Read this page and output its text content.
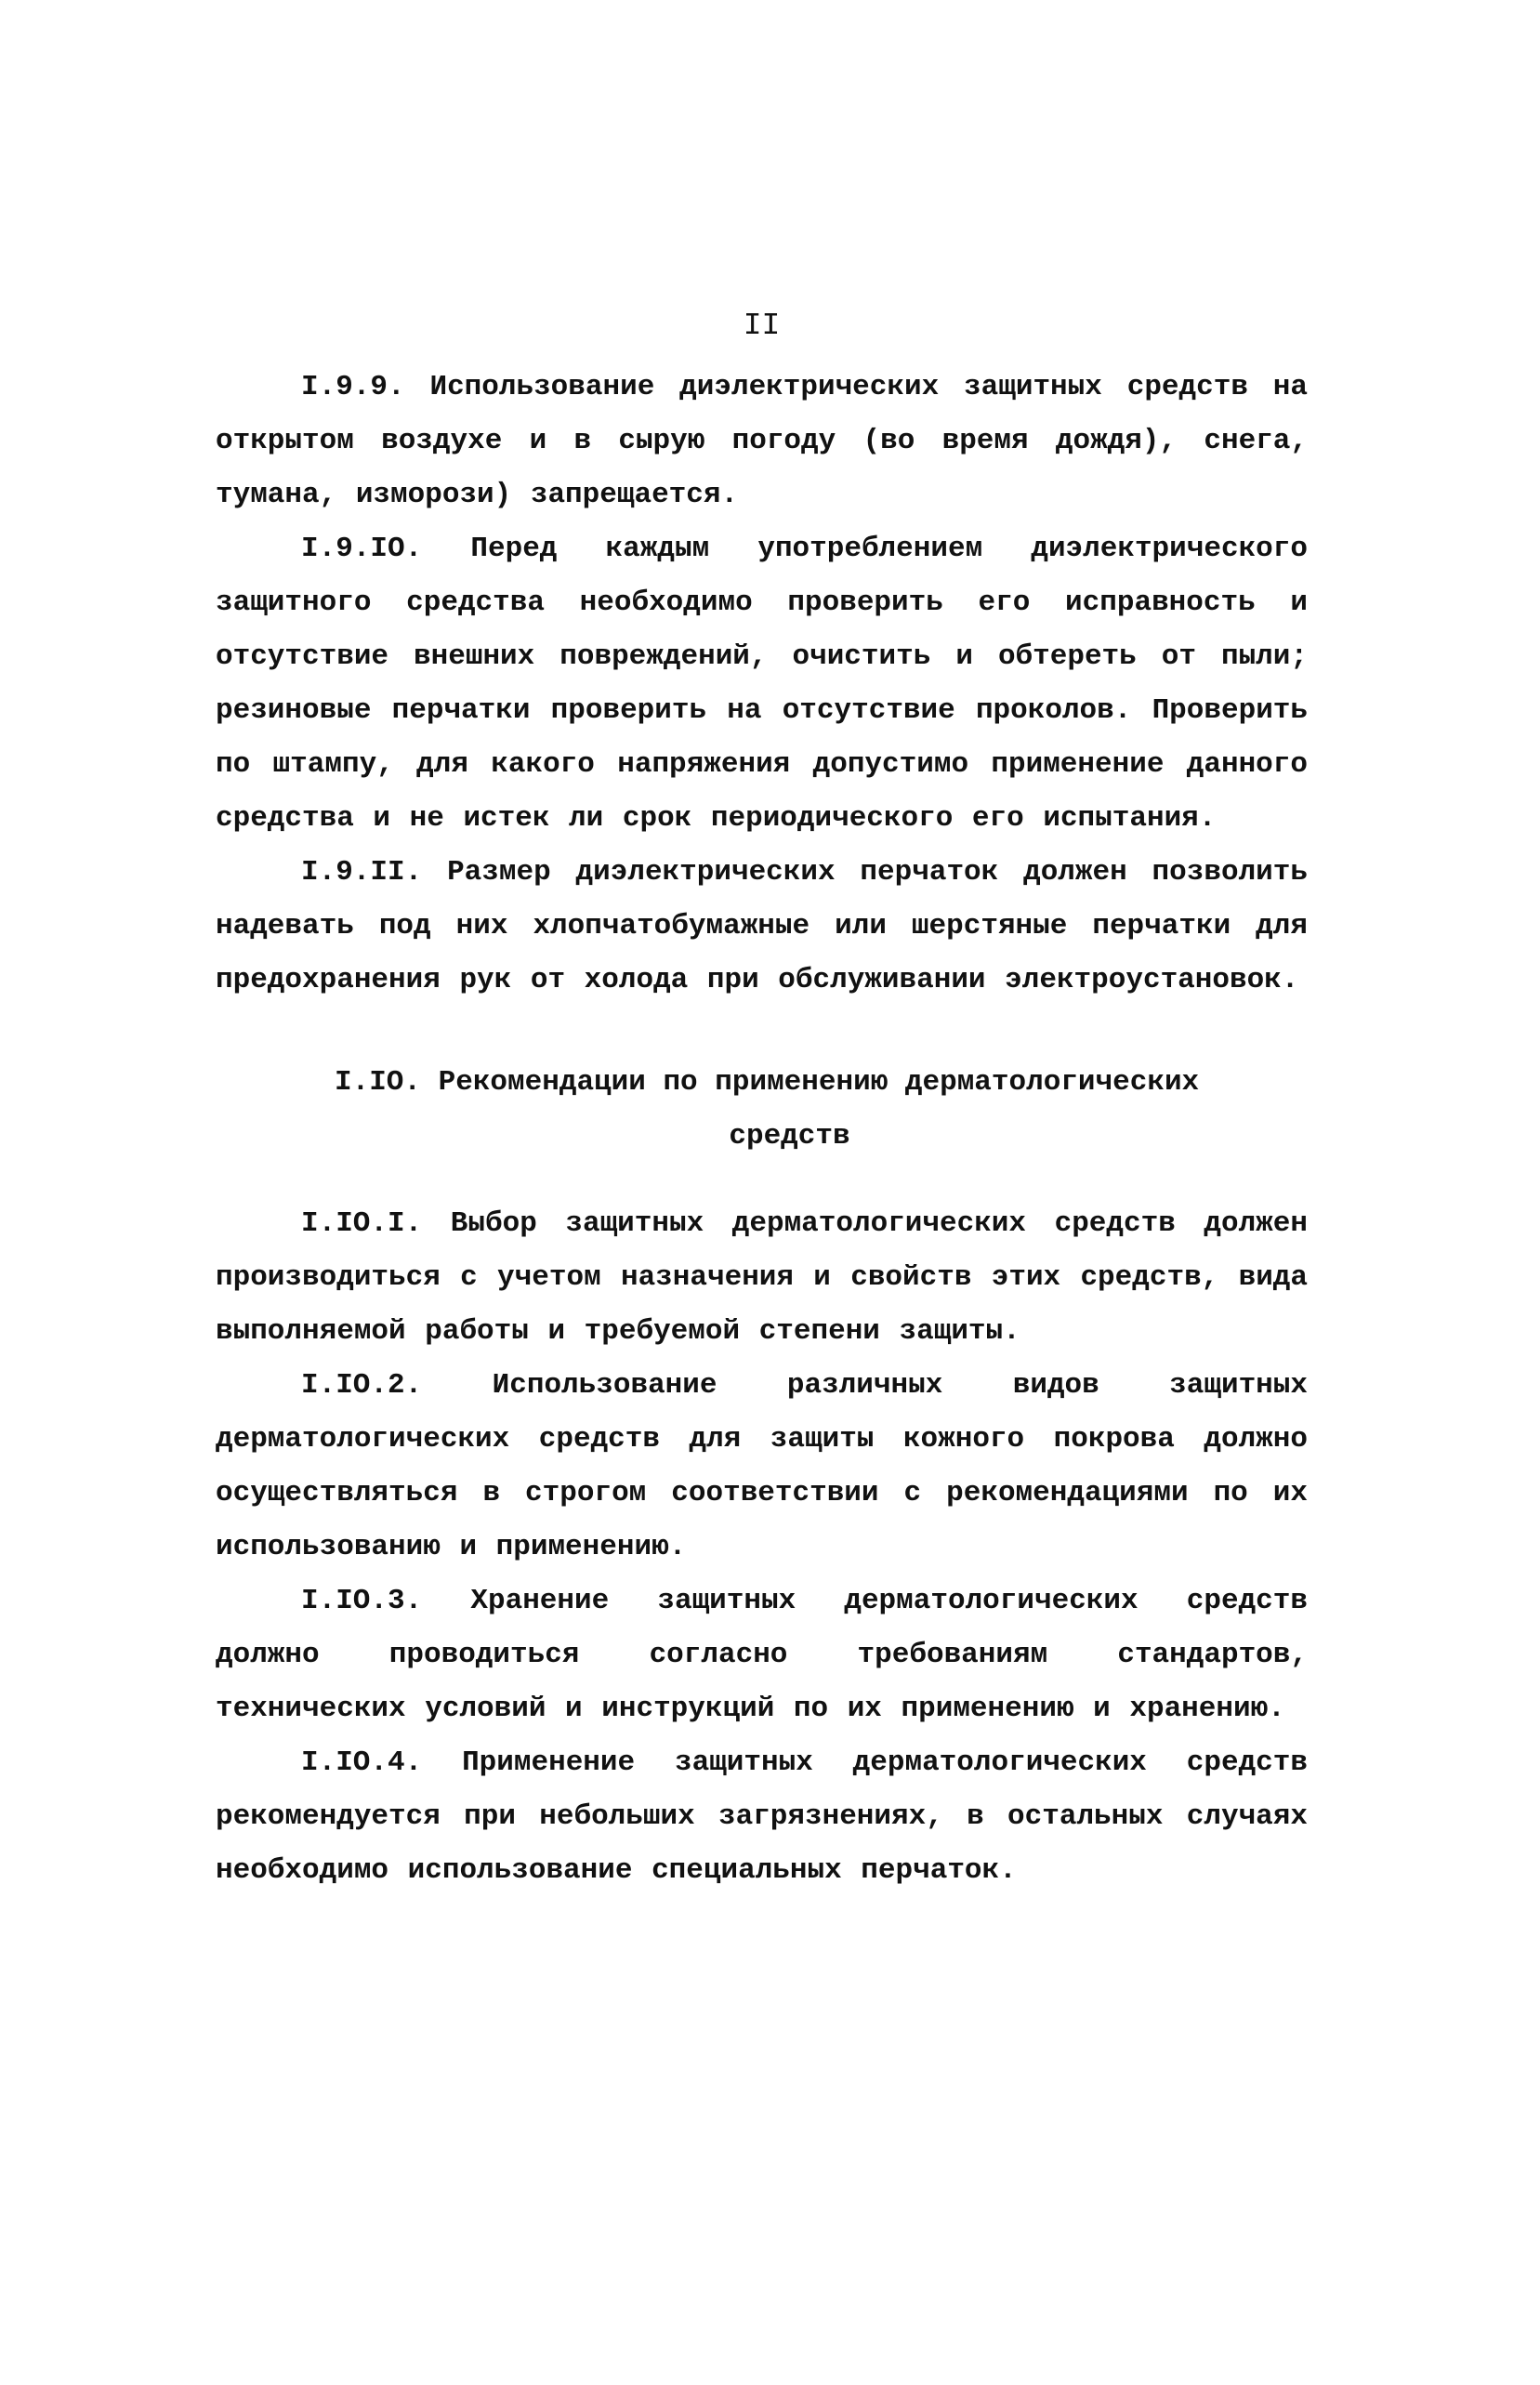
II

I.9.9. Использование диэлектрических защитных средств на открытом воздухе и в сырую погоду (во время дождя), снега, тумана, изморози) запрещается.

I.9.IO. Перед каждым употреблением диэлектрического защитного средства необходимо проверить его исправность и отсутствие внешних повреждений, очистить и обтереть от пыли; резиновые перчатки проверить на отсутствие проколов. Проверить по штампу, для какого напряжения допустимо применение данного средства и не истек ли срок периодического его испытания.

I.9.II. Размер диэлектрических перчаток должен позволить надевать под них хлопчатобумажные или шерстяные перчатки для предохранения рук от холода при обслуживании электроустановок.

I.IO. Рекомендации по применению дерматологических
средств

I.IO.I. Выбор защитных дерматологических средств должен производиться с учетом назначения и свойств этих средств, вида выполняемой работы и требуемой степени защиты.

I.IO.2. Использование различных видов защитных дерматологических средств для защиты кожного покрова должно осуществляться в строгом соответствии с рекомендациями по их использованию и применению.

I.IO.3. Хранение защитных дерматологических средств должно проводиться согласно требованиям стандартов, технических условий и инструкций по их применению и хранению.

I.IO.4. Применение защитных дерматологических средств рекомендуется при небольших загрязнениях, в остальных случаях необходимо использование специальных перчаток.
